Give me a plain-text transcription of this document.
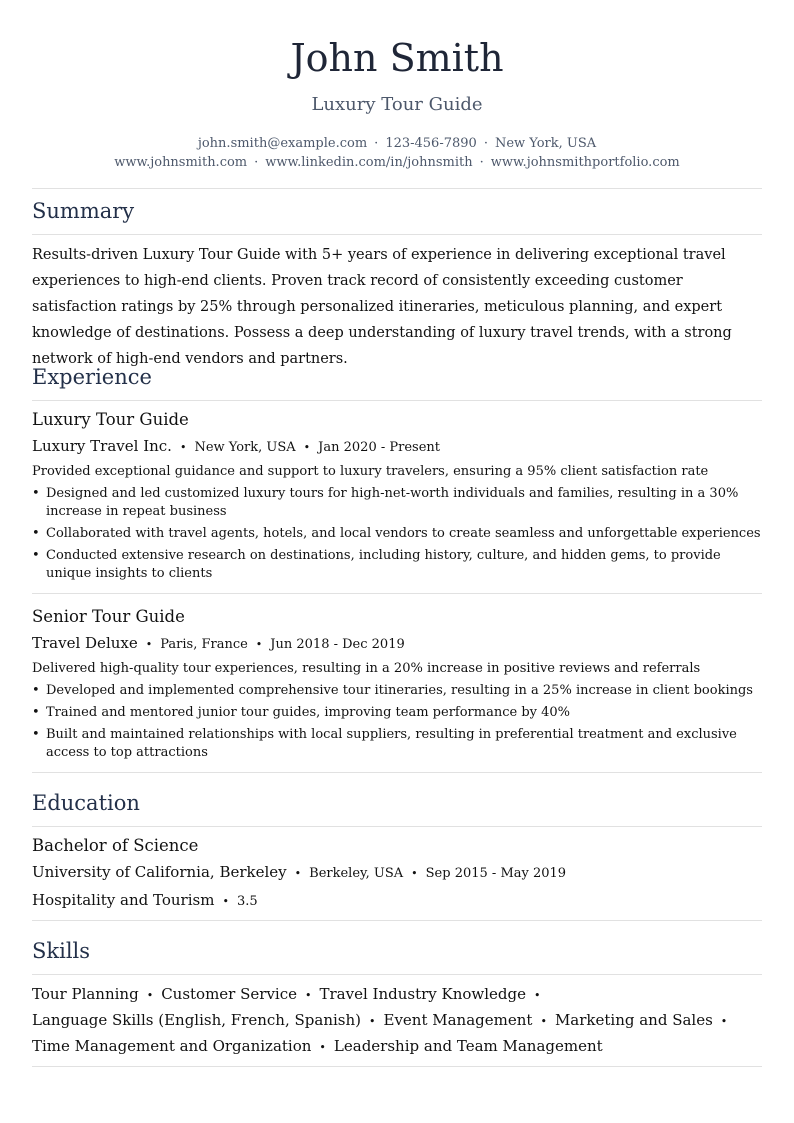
John Smith
Luxury Tour Guide
john.smith@example.com · 123-456-7890 · New York, USA
www.johnsmith.com · www.linkedin.com/in/johnsmith · www.johnsmithportfolio.com
Summary

Results-driven Luxury Tour Guide with 5+ years of experience in delivering exceptional travel experiences to high-end clients. Proven track record of consistently exceeding customer satisfaction ratings by 25% through personalized itineraries, meticulous planning, and expert knowledge of destinations. Possess a deep understanding of luxury travel trends, with a strong network of high-end vendors and partners.

Experience
Luxury Tour Guide
Luxury Travel Inc. • New York, USA • Jan 2020 - Present
Provided exceptional guidance and support to luxury travelers, ensuring a 95% client satisfaction rate
• Designed and led customized luxury tours for high-net-worth individuals and families, resulting in a 30% increase in repeat business
• Collaborated with travel agents, hotels, and local vendors to create seamless and unforgettable experiences
• Conducted extensive research on destinations, including history, culture, and hidden gems, to provide unique insights to clients
Senior Tour Guide
Travel Deluxe • Paris, France • Jun 2018 - Dec 2019
Delivered high-quality tour experiences, resulting in a 20% increase in positive reviews and referrals
• Developed and implemented comprehensive tour itineraries, resulting in a 25% increase in client bookings
• Trained and mentored junior tour guides, improving team performance by 40%
• Built and maintained relationships with local suppliers, resulting in preferential treatment and exclusive access to top attractions
Education
Bachelor of Science
University of California, Berkeley • Berkeley, USA • Sep 2015 - May 2019
Hospitality and Tourism • 3.5
Skills
Tour Planning • Customer Service • Travel Industry Knowledge •
Language Skills (English, French, Spanish) • Event Management • Marketing and Sales •
Time Management and Organization • Leadership and Team Management
